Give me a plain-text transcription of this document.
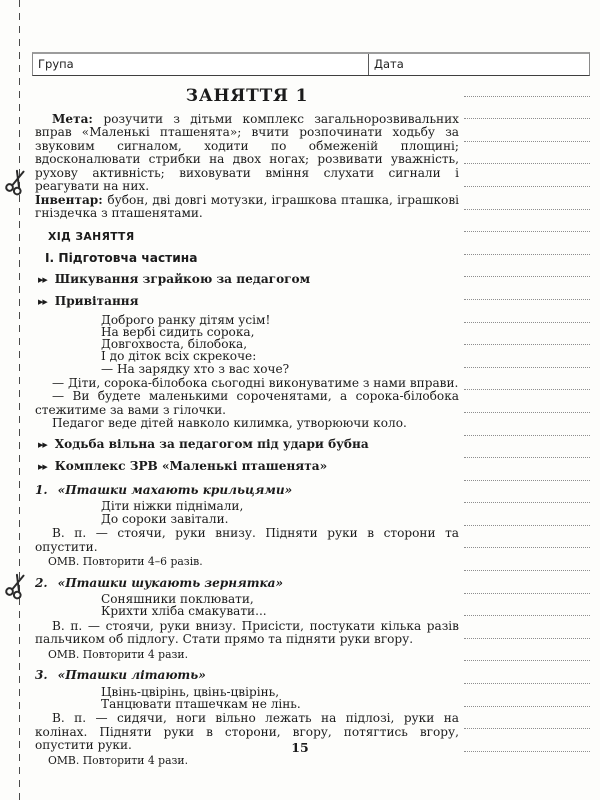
Група	Дата
ЗАНЯТТЯ 1

Мета: розучити з дітьми комплекс загальнорозвивальних вправ «Маленькі пташенята»; вчити розпочинати ходьбу за звуковим сигналом, ходити по обмеженій площині; вдосконалювати стрибки на двох ногах; розвивати уважність, рухову активність; виховувати вміння слухати сигнали і реагувати на них.

Інвентар: бубон, дві довгі мотузки, іграшкова пташка, іграшкові гніздечка з пташенятами.

ХІД ЗАНЯТТЯ
І. Підготовча частина
▶▶ Шикування зграйкою за педагогом
▶▶ Привітання
Доброго ранку дітям усім!
На вербі сидить сорока,
Довгохвоста, білобока,
І до діток всіх скрекоче:
— На зарядку хто з вас хоче?

— Діти, сорока-білобока сьогодні виконуватиме з нами вправи.

— Ви будете маленькими сороченятами, а сорока-білобока стежитиме за вами з гілочки.

Педагог веде дітей навколо килимка, утворюючи коло.

▶▶ Ходьба вільна за педагогом під удари бубна
▶▶ Комплекс ЗРВ «Маленькі пташенята»
1. «Пташки махають крильцями»
Діти ніжки піднімали,
До сороки завітали.

В. п. — стоячи, руки внизу. Підняти руки в сторони та опустити.

ОМВ. Повторити 4–6 разів.
2. «Пташки шукають зернятка»
Соняшники поклювати,
Крихти хліба смакувати...

В. п. — стоячи, руки внизу. Присісти, постукати кілька разів пальчиком об підлогу. Стати прямо та підняти руки вгору.

ОМВ. Повторити 4 рази.
3. «Пташки літають»
Цвінь-цвірінь, цвінь-цвірінь,
Танцювати пташечкам не лінь.

В. п. — сидячи, ноги вільно лежать на підлозі, руки на колінах. Підняти руки в сторони, вгору, потягтись вгору, опустити руки.

ОМВ. Повторити 4 рази.
15
